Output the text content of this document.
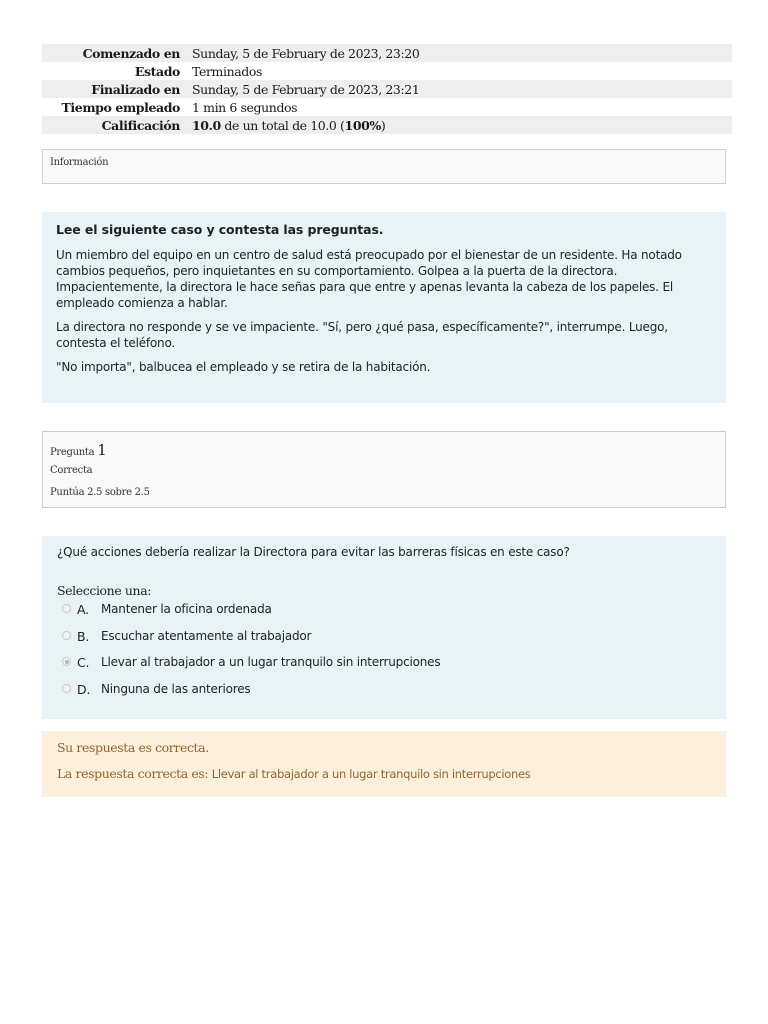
Comenzado en	Sunday, 5 de February de 2023, 23:20
Estado	Terminados
Finalizado en	Sunday, 5 de February de 2023, 23:21
Tiempo empleado	1 min 6 segundos
Calificación	10.0 de un total de 10.0 (100%)
Información
Lee el siguiente caso y contesta las preguntas.

Un miembro del equipo en un centro de salud está preocupado por el bienestar de un residente. Ha notado cambios pequeños, pero inquietantes en su comportamiento. Golpea a la puerta de la directora. Impacientemente, la directora le hace señas para que entre y apenas levanta la cabeza de los papeles. El empleado comienza a hablar.

La directora no responde y se ve impaciente. "Sí, pero ¿qué pasa, específicamente?", interrumpe. Luego, contesta el teléfono.

"No importa", balbucea el empleado y se retira de la habitación.

Pregunta 1
Correcta
Puntúa 2.5 sobre 2.5
¿Qué acciones debería realizar la Directora para evitar las barreras físicas en este caso?
Seleccione una:
A.	Mantener la oficina ordenada
B. Escuchar atentamente al trabajador
C. Llevar al trabajador a un lugar tranquilo sin interrupciones
D. Ninguna de las anteriores
Su respuesta es correcta.
La respuesta correcta es: Llevar al trabajador a un lugar tranquilo sin interrupciones
